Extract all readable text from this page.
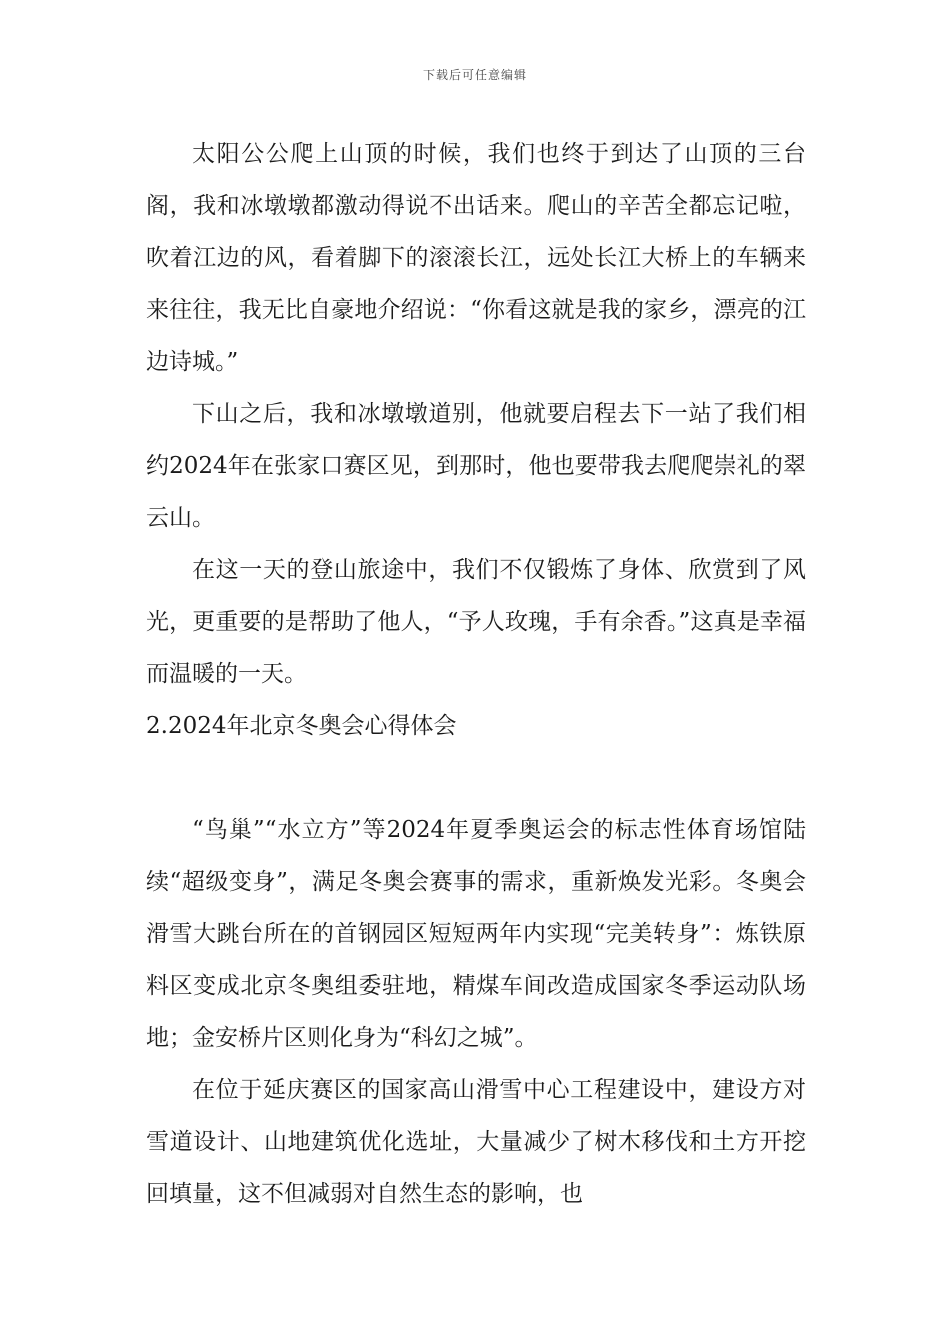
下载后可任意编辑

太阳公公爬上山顶的时候，我们也终于到达了山顶的三台阁，我和冰墩墩都激动得说不出话来。爬山的辛苦全都忘记啦，吹着江边的风，看着脚下的滚滚长江，远处长江大桥上的车辆来来往往，我无比自豪地介绍说：“你看这就是我的家乡，漂亮的江边诗城。”

下山之后，我和冰墩墩道别，他就要启程去下一站了我们相约2024年在张家口赛区见，到那时，他也要带我去爬爬崇礼的翠云山。

在这一天的登山旅途中，我们不仅锻炼了身体、欣赏到了风光，更重要的是帮助了他人，“予人玫瑰，手有余香。”这真是幸福而温暖的一天。

2.2024年北京冬奥会心得体会

“鸟巢”“水立方”等2024年夏季奥运会的标志性体育场馆陆续“超级变身”，满足冬奥会赛事的需求，重新焕发光彩。冬奥会滑雪大跳台所在的首钢园区短短两年内实现“完美转身”：炼铁原料区变成北京冬奥组委驻地，精煤车间改造成国家冬季运动队场地；金安桥片区则化身为“科幻之城”。

在位于延庆赛区的国家高山滑雪中心工程建设中，建设方对雪道设计、山地建筑优化选址，大量减少了树木移伐和土方开挖回填量，这不但减弱对自然生态的影响，也
